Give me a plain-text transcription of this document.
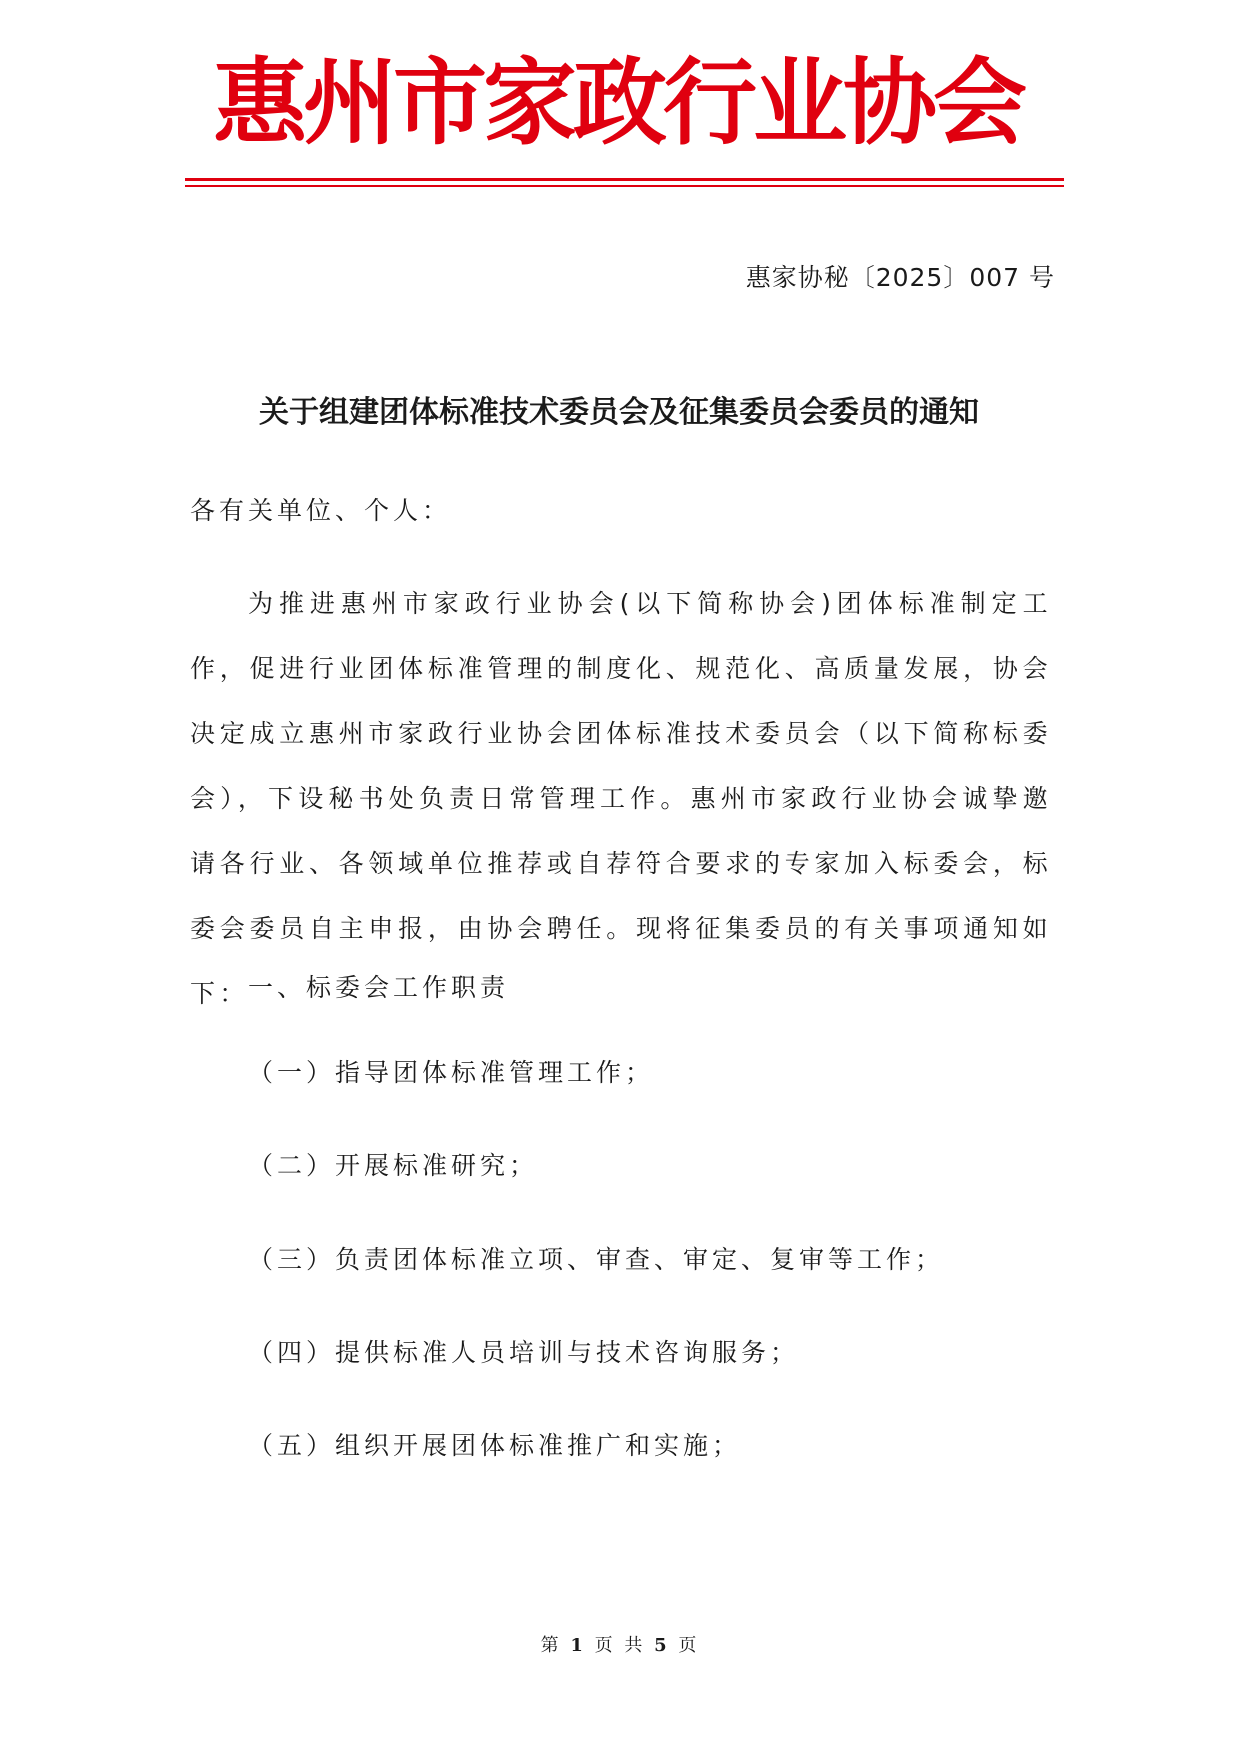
惠州市家政行业协会
惠家协秘〔2025〕007 号
关于组建团体标准技术委员会及征集委员会委员的通知
各有关单位、个人：
为推进惠州市家政行业协会(以下简称协会)团体标准制定工作，促进行业团体标准管理的制度化、规范化、高质量发展，协会决定成立惠州市家政行业协会团体标准技术委员会（以下简称标委会），下设秘书处负责日常管理工作。惠州市家政行业协会诚挚邀请各行业、各领域单位推荐或自荐符合要求的专家加入标委会，标委会委员自主申报，由协会聘任。现将征集委员的有关事项通知如下： 一、标委会工作职责
（一）指导团体标准管理工作；
（二）开展标准研究；
（三）负责团体标准立项、审查、审定、复审等工作；
（四）提供标准人员培训与技术咨询服务；
（五）组织开展团体标准推广和实施；
第 1 页 共 5 页
